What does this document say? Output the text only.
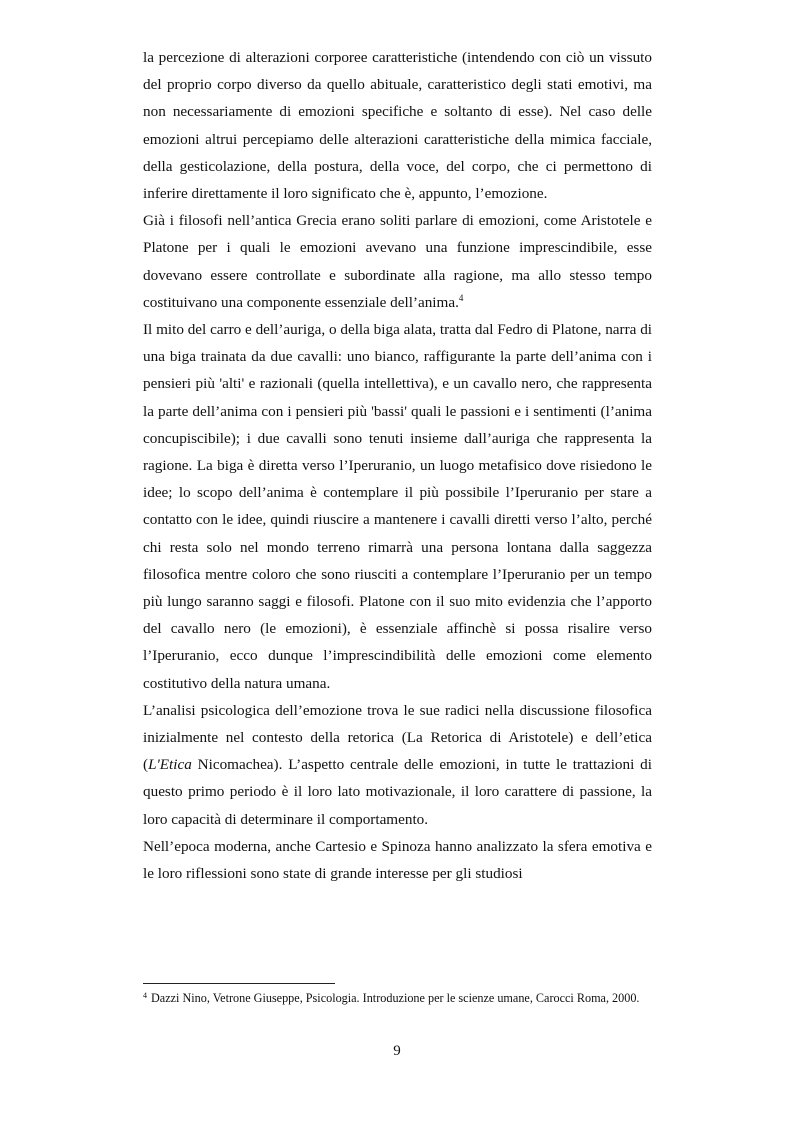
la percezione di alterazioni corporee caratteristiche (intendendo con ciò un vissuto del proprio corpo diverso da quello abituale, caratteristico degli stati emotivi, ma non necessariamente di emozioni specifiche e soltanto di esse). Nel caso delle emozioni altrui percepiamo delle alterazioni caratteristiche della mimica facciale, della gesticolazione, della postura, della voce, del corpo, che ci permettono di inferire direttamente il loro significato che è, appunto, l’emozione.

Già i filosofi nell’antica Grecia erano soliti parlare di emozioni, come Aristotele e Platone per i quali le emozioni avevano una funzione imprescindibile, esse dovevano essere controllate e subordinate alla ragione, ma allo stesso tempo costituivano una componente essenziale dell’anima.$^4$

Il mito del carro e dell’auriga, o della biga alata, tratta dal Fedro di Platone, narra di una biga trainata da due cavalli: uno bianco, raffigurante la parte dell’anima con i pensieri più 'alti' e razionali (quella intellettiva), e un cavallo nero, che rappresenta la parte dell’anima con i pensieri più 'bassi' quali le passioni e i sentimenti (l’anima concupiscibile); i due cavalli sono tenuti insieme dall’auriga che rappresenta la ragione. La biga è diretta verso l’Iperuranio, un luogo metafisico dove risiedono le idee; lo scopo dell’anima è contemplare il più possibile l’Iperuranio per stare a contatto con le idee, quindi riuscire a mantenere i cavalli diretti verso l’alto, perché chi resta solo nel mondo terreno rimarrà una persona lontana dalla saggezza filosofica mentre coloro che sono riusciti a contemplare l’Iperuranio per un tempo più lungo saranno saggi e filosofi. Platone con il suo mito evidenzia che l’apporto del cavallo nero (le emozioni), è essenziale affinchè si possa risalire verso l’Iperuranio, ecco dunque l’imprescindibilità delle emozioni come elemento costitutivo della natura umana.

L’analisi psicologica dell’emozione trova le sue radici nella discussione filosofica inizialmente nel contesto della retorica (La Retorica di Aristotele) e dell’etica (L'Etica Nicomachea). L’aspetto centrale delle emozioni, in tutte le trattazioni di questo primo periodo è il loro lato motivazionale, il loro carattere di passione, la loro capacità di determinare il comportamento.

Nell’epoca moderna, anche Cartesio e Spinoza hanno analizzato la sfera emotiva e le loro riflessioni sono state di grande interesse per gli studiosi

$^4$ Dazzi Nino, Vetrone Giuseppe, Psicologia. Introduzione per le scienze umane, Carocci Roma, 2000.

9
